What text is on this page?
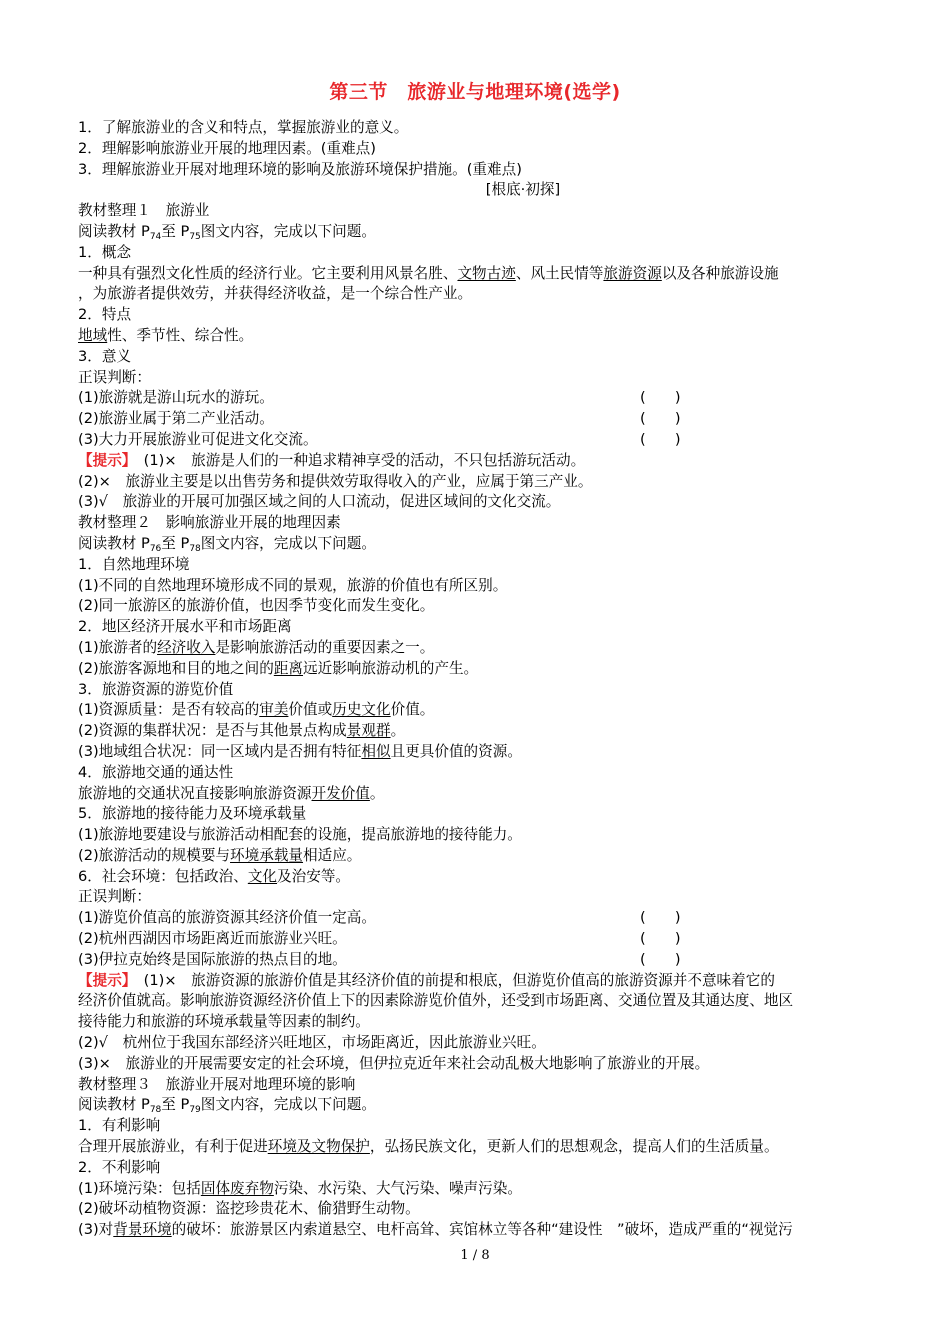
第三节　旅游业与地理环境(选学)
1．了解旅游业的含义和特点，掌握旅游业的意义。
2．理解影响旅游业开展的地理因素。(重难点)
3．理解旅游业开展对地理环境的影响及旅游环境保护措施。(重难点)
[根底·初探]
教材整理１　旅游业
阅读教材 $P_{74}$至 $P_{75}$图文内容，完成以下问题。
1．概念
一种具有强烈文化性质的经济行业。它主要利用风景名胜、文物古迹、风土民情等旅游资源以及各种旅游设施
，为旅游者提供效劳，并获得经济收益，是一个综合性产业。
2．特点
地域性、季节性、综合性。
3．意义
正误判断：
(1)旅游就是游山玩水的游玩。	(　　)
(2)旅游业属于第二产业活动。	(　　)
(3)大力开展旅游业可促进文化交流。	(　　)
【提示】　(1)×　旅游是人们的一种追求精神享受的活动，不只包括游玩活动。
(2)×　旅游业主要是以出售劳务和提供效劳取得收入的产业，应属于第三产业。
(3)√　旅游业的开展可加强区域之间的人口流动，促进区域间的文化交流。
教材整理２　影响旅游业开展的地理因素
阅读教材 $P_{76}$至 $P_{78}$图文内容，完成以下问题。
1．自然地理环境
(1)不同的自然地理环境形成不同的景观，旅游的价值也有所区别。
(2)同一旅游区的旅游价值，也因季节变化而发生变化。
2．地区经济开展水平和市场距离
(1)旅游者的经济收入是影响旅游活动的重要因素之一。
(2)旅游客源地和目的地之间的距离远近影响旅游动机的产生。
3．旅游资源的游览价值
(1)资源质量：是否有较高的审美价值或历史文化价值。
(2)资源的集群状况：是否与其他景点构成景观群。
(3)地域组合状况：同一区域内是否拥有特征相似且更具价值的资源。
4．旅游地交通的通达性
旅游地的交通状况直接影响旅游资源开发价值。
5．旅游地的接待能力及环境承载量
(1)旅游地要建设与旅游活动相配套的设施，提高旅游地的接待能力。
(2)旅游活动的规模要与环境承载量相适应。
6．社会环境：包括政治、文化及治安等。
正误判断：
(1)游览价值高的旅游资源其经济价值一定高。	(　　)
(2)杭州西湖因市场距离近而旅游业兴旺。	(　　)
(3)伊拉克始终是国际旅游的热点目的地。	(　　)
【提示】　(1)×　旅游资源的旅游价值是其经济价值的前提和根底，但游览价值高的旅游资源并不意味着它的
经济价值就高。影响旅游资源经济价值上下的因素除游览价值外，还受到市场距离、交通位置及其通达度、地区
接待能力和旅游的环境承载量等因素的制约。
(2)√　杭州位于我国东部经济兴旺地区，市场距离近，因此旅游业兴旺。
(3)×　旅游业的开展需要安定的社会环境，但伊拉克近年来社会动乱极大地影响了旅游业的开展。
教材整理３　旅游业开展对地理环境的影响
阅读教材 $P_{78}$至 $P_{79}$图文内容，完成以下问题。
1．有利影响
合理开展旅游业，有利于促进环境及文物保护，弘扬民族文化，更新人们的思想观念，提高人们的生活质量。
2．不利影响
(1)环境污染：包括固体废弃物污染、水污染、大气污染、噪声污染。
(2)破坏动植物资源：盗挖珍贵花木、偷猎野生动物。
(3)对背景环境的破坏：旅游景区内索道悬空、电杆高耸、宾馆林立等各种“建设性　”破坏，造成严重的“视觉污
1 / 8
